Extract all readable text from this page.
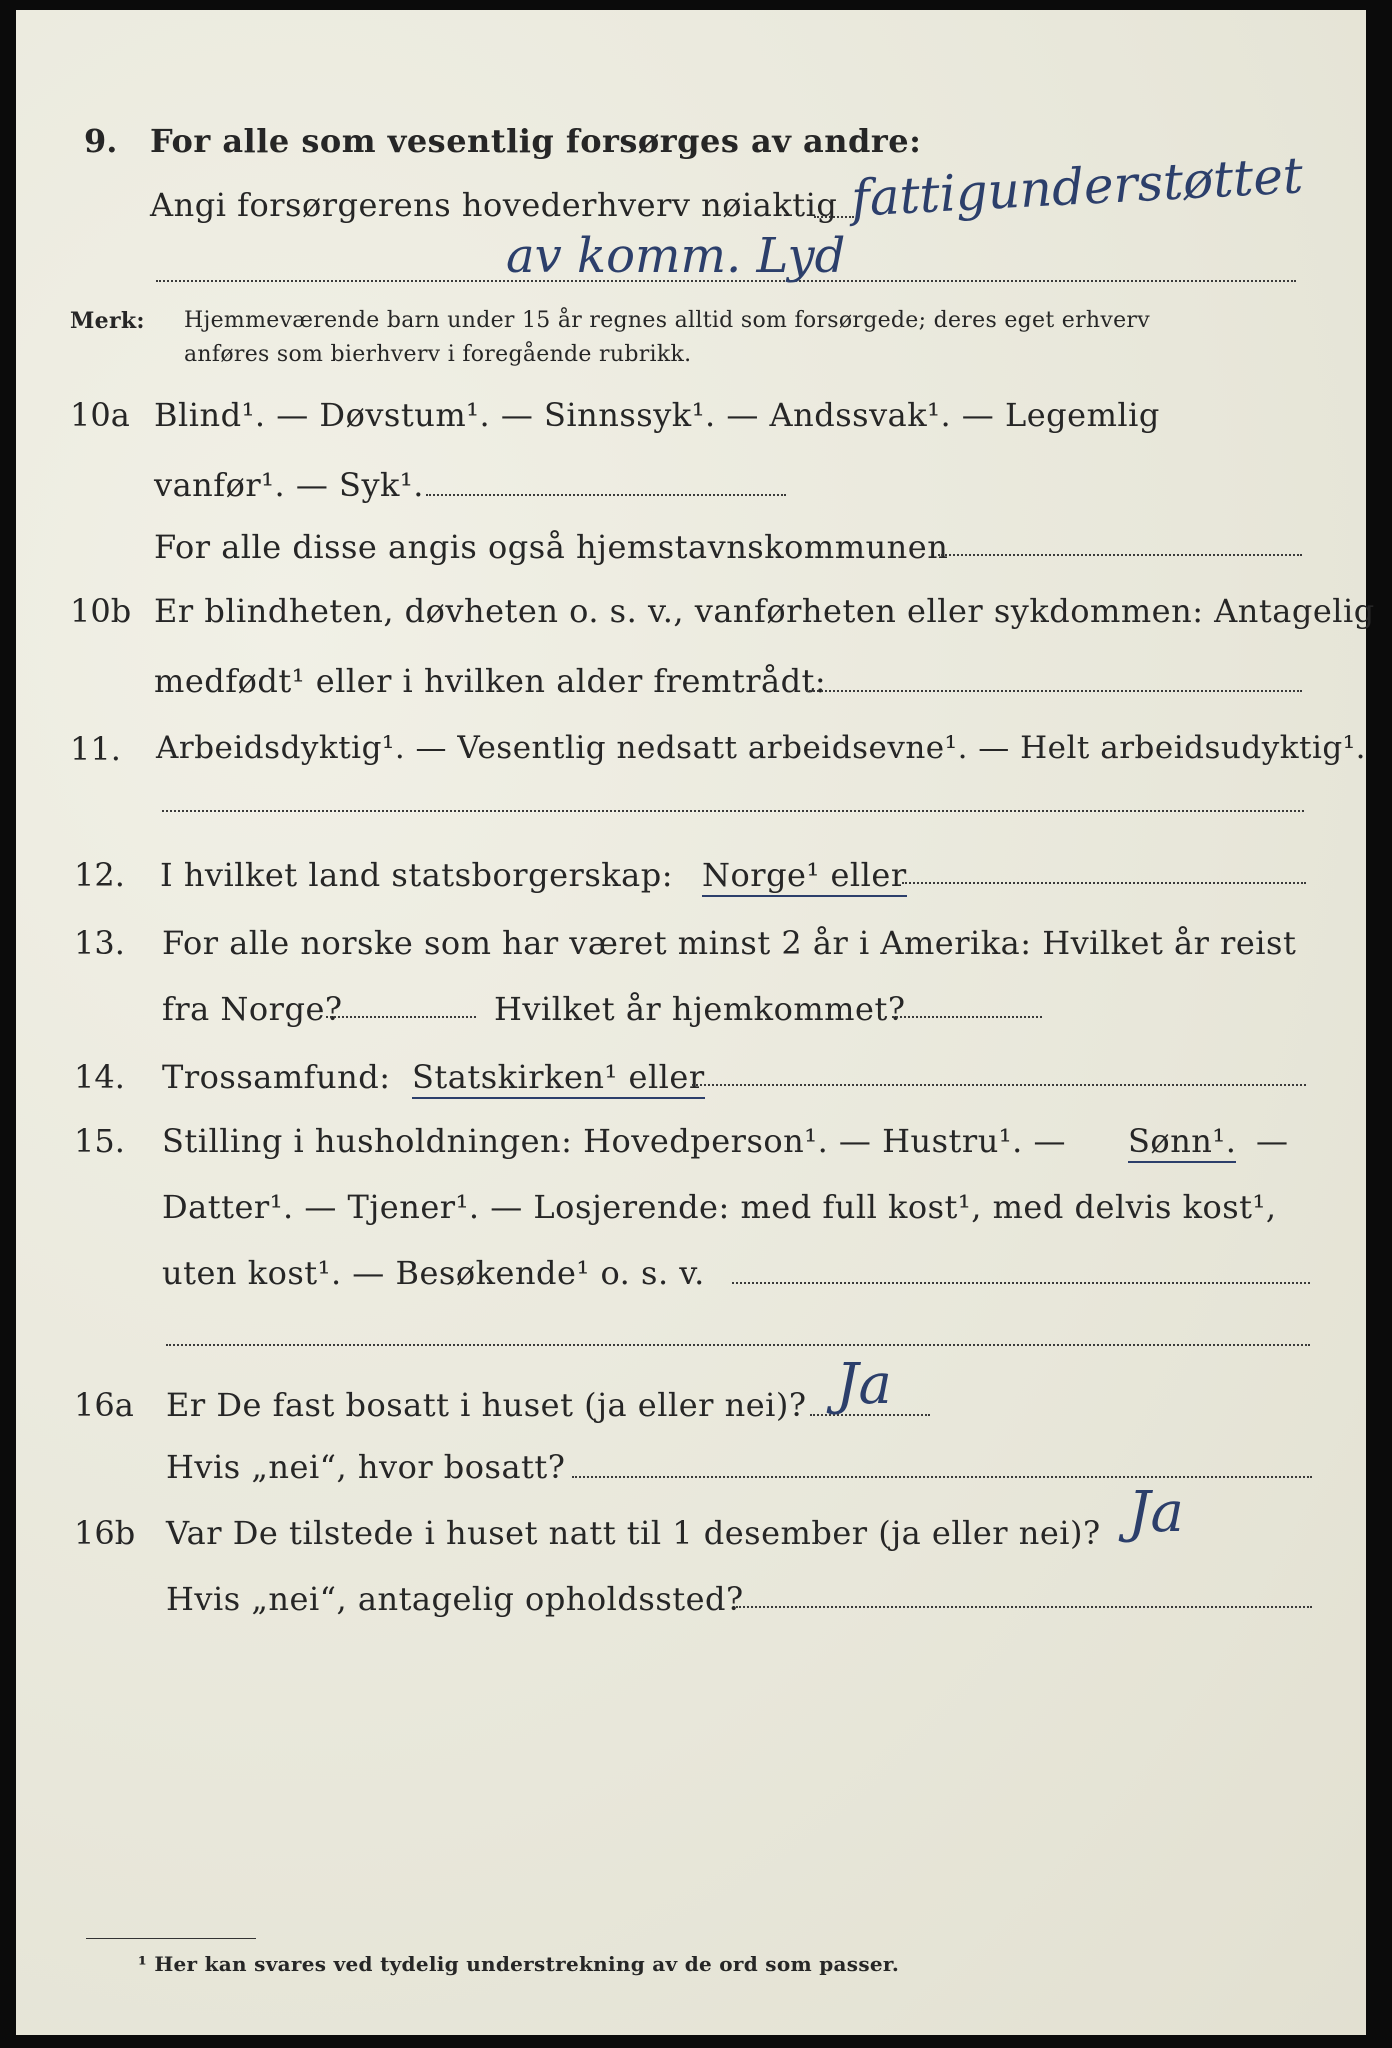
9. For alle som vesentlig forsørges av andre:
Angi forsørgerens hovederhverv nøiaktig fattigunderstøttet
av komm. Lyd
Merk: Hjemmeværende barn under 15 år regnes alltid som forsørgede; deres eget erhverv
anføres som bierhverv i foregående rubrikk.
10a Blind¹. — Døvstum¹. — Sinnssyk¹. — Andssvak¹. — Legemlig
vanfør¹. — Syk¹.
For alle disse angis også hjemstavnskommunen
10b Er blindheten, døvheten o. s. v., vanførheten eller sykdommen: Antagelig
medfødt¹ eller i hvilken alder fremtrådt:
11. Arbeidsdyktig¹. — Vesentlig nedsatt arbeidsevne¹. — Helt arbeidsudyktig¹.
12. I hvilket land statsborgerskap: Norge¹ eller
13. For alle norske som har været minst 2 år i Amerika: Hvilket år reist
fra Norge?	Hvilket år hjemkommet?
14. Trossamfund: Statskirken¹ eller
15. Stilling i husholdningen: Hovedperson¹. — Hustru¹. — Sønn¹. —
Datter¹. — Tjener¹. — Losjerende: med full kost¹, med delvis kost¹,
uten kost¹. — Besøkende¹ o. s. v.
16a Er De fast bosatt i huset (ja eller nei)? Ja
Hvis „nei“, hvor bosatt?
16b Var De tilstede i huset natt til 1 desember (ja eller nei)? Ja
Hvis „nei“, antagelig opholdssted?
¹ Her kan svares ved tydelig understrekning av de ord som passer.
